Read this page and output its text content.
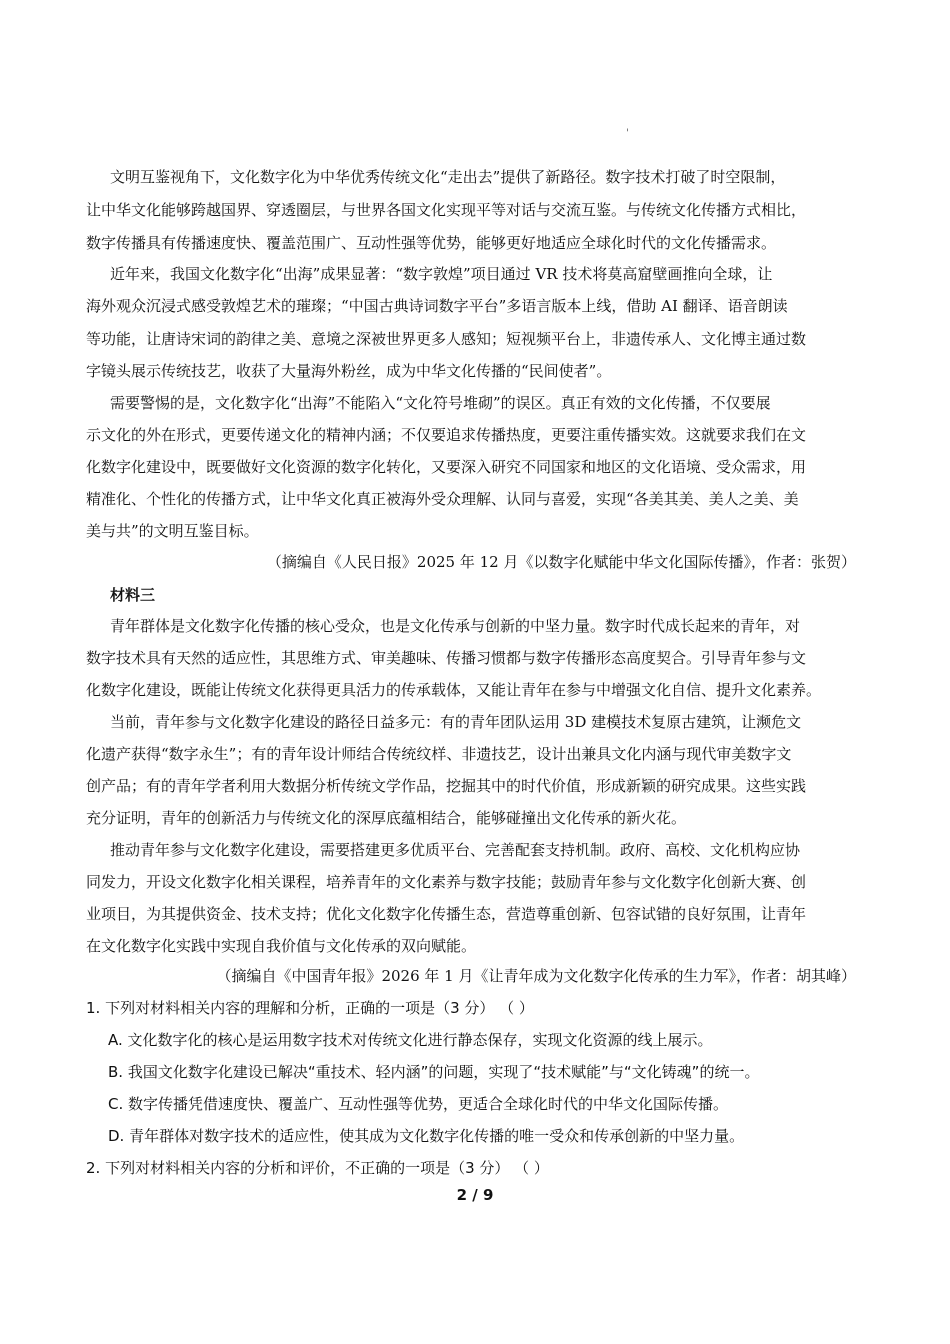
'
文明互鉴视角下，文化数字化为中华优秀传统文化“走出去”提供了新路径。数字技术打破了时空限制，
让中华文化能够跨越国界、穿透圈层，与世界各国文化实现平等对话与交流互鉴。与传统文化传播方式相比，
数字传播具有传播速度快、覆盖范围广、互动性强等优势，能够更好地适应全球化时代的文化传播需求。
近年来，我国文化数字化“出海”成果显著：“数字敦煌”项目通过 VR 技术将莫高窟壁画推向全球，让
海外观众沉浸式感受敦煌艺术的璀璨；“中国古典诗词数字平台”多语言版本上线，借助 AI 翻译、语音朗读
等功能，让唐诗宋词的韵律之美、意境之深被世界更多人感知；短视频平台上，非遗传承人、文化博主通过数
字镜头展示传统技艺，收获了大量海外粉丝，成为中华文化传播的“民间使者”。
需要警惕的是，文化数字化“出海”不能陷入“文化符号堆砌”的误区。真正有效的文化传播，不仅要展
示文化的外在形式，更要传递文化的精神内涵；不仅要追求传播热度，更要注重传播实效。这就要求我们在文
化数字化建设中，既要做好文化资源的数字化转化，又要深入研究不同国家和地区的文化语境、受众需求，用
精准化、个性化的传播方式，让中华文化真正被海外受众理解、认同与喜爱，实现“各美其美、美人之美、美
美与共”的文明互鉴目标。
（摘编自《人民日报》2025 年 12 月《以数字化赋能中华文化国际传播》，作者：张贺）
材料三
青年群体是文化数字化传播的核心受众，也是文化传承与创新的中坚力量。数字时代成长起来的青年，对
数字技术具有天然的适应性，其思维方式、审美趣味、传播习惯都与数字传播形态高度契合。引导青年参与文
化数字化建设，既能让传统文化获得更具活力的传承载体，又能让青年在参与中增强文化自信、提升文化素养。
当前，青年参与文化数字化建设的路径日益多元：有的青年团队运用 3D 建模技术复原古建筑，让濒危文
化遗产获得“数字永生”；有的青年设计师结合传统纹样、非遗技艺，设计出兼具文化内涵与现代审美数字文
创产品；有的青年学者利用大数据分析传统文学作品，挖掘其中的时代价值，形成新颖的研究成果。这些实践
充分证明，青年的创新活力与传统文化的深厚底蕴相结合，能够碰撞出文化传承的新火花。
推动青年参与文化数字化建设，需要搭建更多优质平台、完善配套支持机制。政府、高校、文化机构应协
同发力，开设文化数字化相关课程，培养青年的文化素养与数字技能；鼓励青年参与文化数字化创新大赛、创
业项目，为其提供资金、技术支持；优化文化数字化传播生态，营造尊重创新、包容试错的良好氛围，让青年
在文化数字化实践中实现自我价值与文化传承的双向赋能。
（摘编自《中国青年报》2026 年 1 月《让青年成为文化数字化传承的生力军》，作者：胡其峰）
1. 下列对材料相关内容的理解和分析，正确的一项是（3 分） （ ）
A. 文化数字化的核心是运用数字技术对传统文化进行静态保存，实现文化资源的线上展示。
B. 我国文化数字化建设已解决“重技术、轻内涵”的问题，实现了“技术赋能”与“文化铸魂”的统一。
C. 数字传播凭借速度快、覆盖广、互动性强等优势，更适合全球化时代的中华文化国际传播。
D. 青年群体对数字技术的适应性，使其成为文化数字化传播的唯一受众和传承创新的中坚力量。
2. 下列对材料相关内容的分析和评价，不正确的一项是（3 分） （ ）
2 / 9
